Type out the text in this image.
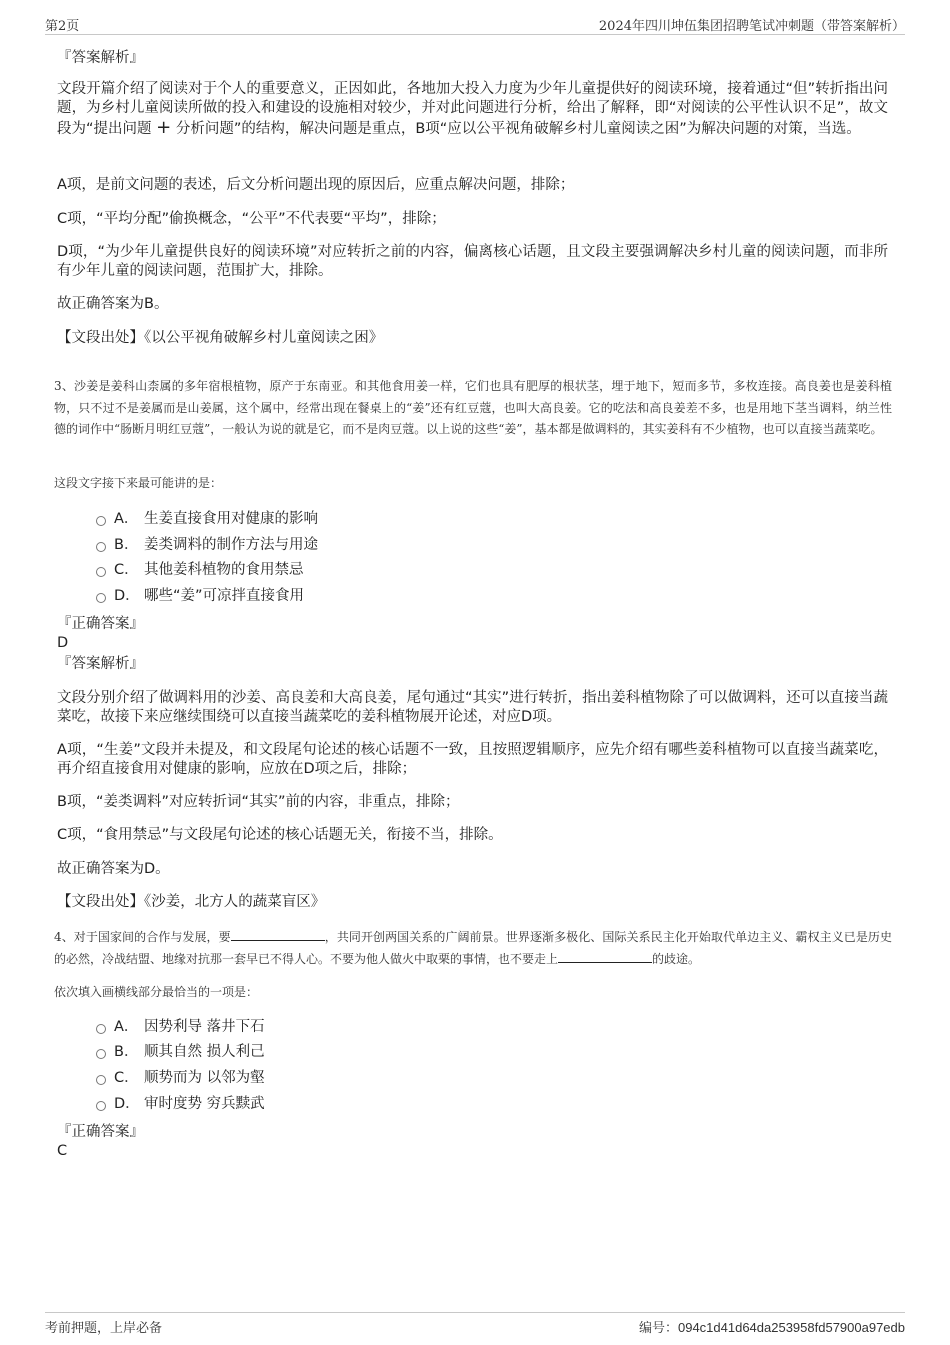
第2页	2024年四川坤伍集团招聘笔试冲刺题（带答案解析）
『答案解析』
文段开篇介绍了阅读对于个人的重要意义，正因如此，各地加大投入力度为少年儿童提供好的阅读环境，接着通过“但”转折指出问题，为乡村儿童阅读所做的投入和建设的设施相对较少，并对此问题进行分析，给出了解释，即“对阅读的公平性认识不足”，故文段为“提出问题 + 分析问题”的结构，解决问题是重点，B项“应以公平视角破解乡村儿童阅读之困”为解决问题的对策，当选。
A项，是前文问题的表述，后文分析问题出现的原因后，应重点解决问题，排除；
C项，“平均分配”偷换概念，“公平”不代表要“平均”，排除；
D项，“为少年儿童提供良好的阅读环境”对应转折之前的内容，偏离核心话题，且文段主要强调解决乡村儿童的阅读问题，而非所有少年儿童的阅读问题，范围扩大，排除。
故正确答案为B。
【文段出处】《以公平视角破解乡村儿童阅读之困》
3、沙姜是姜科山柰属的多年宿根植物，原产于东南亚。和其他食用姜一样，它们也具有肥厚的根状茎，埋于地下，短而多节，多枚连接。高良姜也是姜科植物，只不过不是姜属而是山姜属，这个属中，经常出现在餐桌上的“姜”还有红豆蔻，也叫大高良姜。它的吃法和高良姜差不多，也是用地下茎当调料，纳兰性德的词作中“肠断月明红豆蔻”，一般认为说的就是它，而不是肉豆蔻。以上说的这些“姜”，基本都是做调料的，其实姜科有不少植物，也可以直接当蔬菜吃。
这段文字接下来最可能讲的是：
A． 生姜直接食用对健康的影响
B． 姜类调料的制作方法与用途
C． 其他姜科植物的食用禁忌
D． 哪些“姜”可凉拌直接食用
『正确答案』
D
『答案解析』
文段分别介绍了做调料用的沙姜、高良姜和大高良姜，尾句通过“其实”进行转折，指出姜科植物除了可以做调料，还可以直接当蔬菜吃，故接下来应继续围绕可以直接当蔬菜吃的姜科植物展开论述，对应D项。
A项，“生姜”文段并未提及，和文段尾句论述的核心话题不一致，且按照逻辑顺序，应先介绍有哪些姜科植物可以直接当蔬菜吃，再介绍直接食用对健康的影响，应放在D项之后，排除；
B项，“姜类调料”对应转折词“其实”前的内容，非重点，排除；
C项，“食用禁忌”与文段尾句论述的核心话题无关，衔接不当，排除。
故正确答案为D。
【文段出处】《沙姜，北方人的蔬菜盲区》
4、对于国家间的合作与发展，要	，共同开创两国关系的广阔前景。世界逐渐多极化、国际关系民主化开始取代单边主义、霸权主义已是历史的必然，冷战结盟、地缘对抗那一套早已不得人心。不要为他人做火中取栗的事情，也不要走上	的歧途。
依次填入画横线部分最恰当的一项是：
A． 因势利导 落井下石
B． 顺其自然 损人利己
C． 顺势而为 以邻为壑
D． 审时度势 穷兵黩武
『正确答案』
C
考前押题，上岸必备	编号：094c1d41d64da253958fd57900a97edb
